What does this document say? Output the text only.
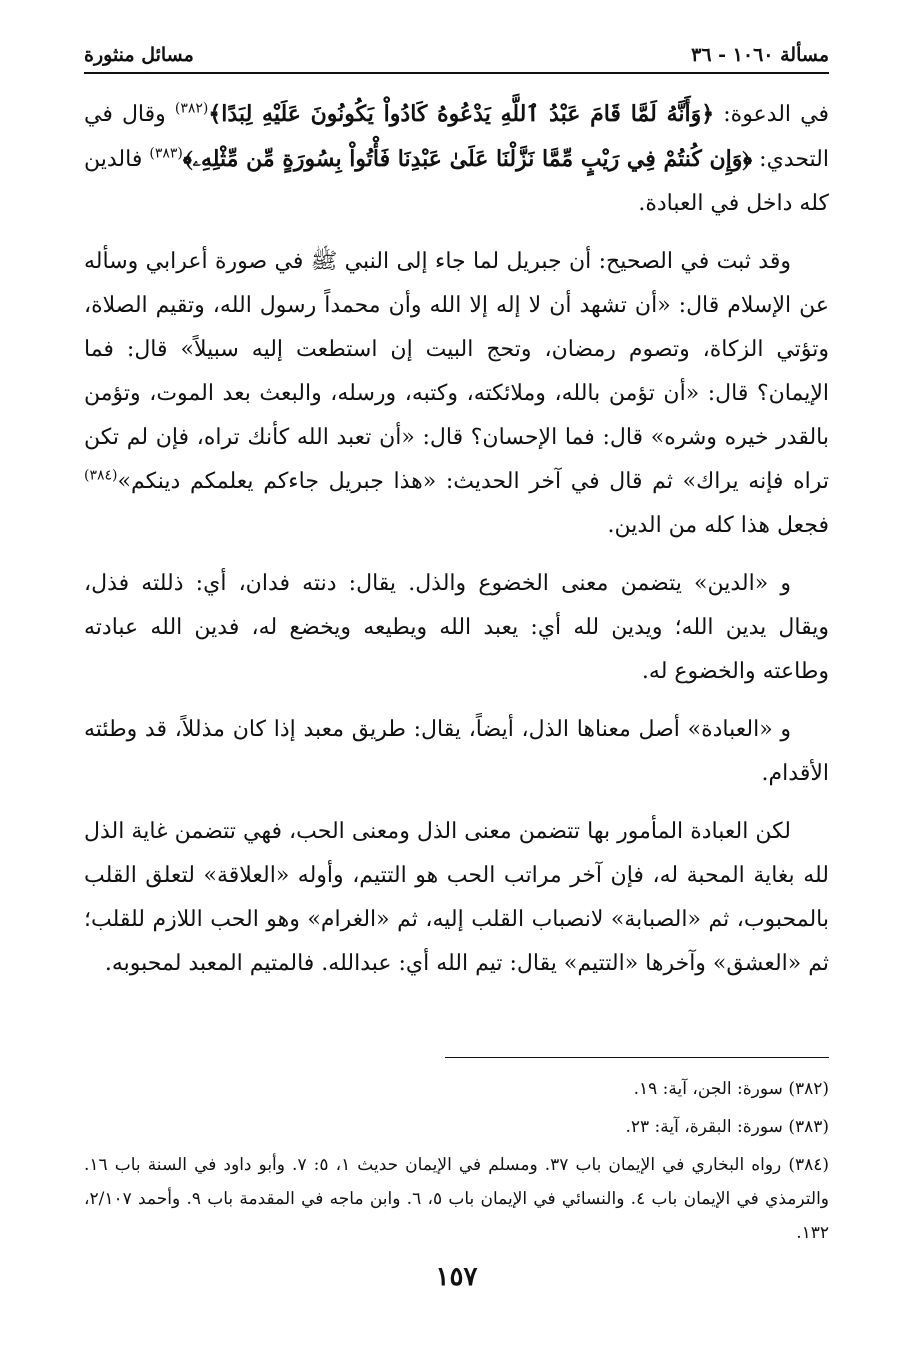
مسألة ١٠٦٠ - ٣٦
مسائل منثورة

في الدعوة: ﴿وَأَنَّهُ لَمَّا قَامَ عَبْدُ ٱللَّهِ يَدْعُوهُ كَادُواْ يَكُونُونَ عَلَيْهِ لِبَدًا﴾$^{(٣٨٢)}$ وقال في التحدي: ﴿وَإِن كُنتُمْ فِي رَيْبٍ مِّمَّا نَزَّلْنَا عَلَىٰ عَبْدِنَا فَأْتُواْ بِسُورَةٍ مِّن مِّثْلِهِۦ﴾$^{(٣٨٣)}$ فالدين كله داخل في العبادة.

وقد ثبت في الصحيح: أن جبريل لما جاء إلى النبي ﷺ في صورة أعرابي وسأله عن الإسلام قال: «أن تشهد أن لا إله إلا الله وأن محمداً رسول الله، وتقيم الصلاة، وتؤتي الزكاة، وتصوم رمضان، وتحج البيت إن استطعت إليه سبيلاً» قال: فما الإيمان؟ قال: «أن تؤمن بالله، وملائكته، وكتبه، ورسله، والبعث بعد الموت، وتؤمن بالقدر خيره وشره» قال: فما الإحسان؟ قال: «أن تعبد الله كأنك تراه، فإن لم تكن تراه فإنه يراك» ثم قال في آخر الحديث: «هذا جبريل جاءكم يعلمكم دينكم»$^{(٣٨٤)}$ فجعل هذا كله من الدين.

و «الدين» يتضمن معنى الخضوع والذل. يقال: دنته فدان، أي: ذللته فذل، ويقال يدين الله؛ ويدين لله أي: يعبد الله ويطيعه ويخضع له، فدين الله عبادته وطاعته والخضوع له.

و «العبادة» أصل معناها الذل، أيضاً، يقال: طريق معبد إذا كان مذللاً، قد وطئته الأقدام.

لكن العبادة المأمور بها تتضمن معنى الذل ومعنى الحب، فهي تتضمن غاية الذل لله بغاية المحبة له، فإن آخر مراتب الحب هو التتيم، وأوله «العلاقة» لتعلق القلب بالمحبوب، ثم «الصبابة» لانصباب القلب إليه، ثم «الغرام» وهو الحب اللازم للقلب؛ ثم «العشق» وآخرها «التتيم» يقال: تيم الله أي: عبدالله. فالمتيم المعبد لمحبوبه.

(٣٨٢) سورة: الجن، آية: ١٩.
(٣٨٣) سورة: البقرة، آية: ٢٣.
(٣٨٤) رواه البخاري في الإيمان باب ٣٧. ومسلم في الإيمان حديث ١، ٥: ٧. وأبو داود في السنة باب ١٦. والترمذي في الإيمان باب ٤. والنسائي في الإيمان باب ٥، ٦. وابن ماجه في المقدمة باب ٩. وأحمد ٢/١٠٧، ١٣٢.
١٥٧
